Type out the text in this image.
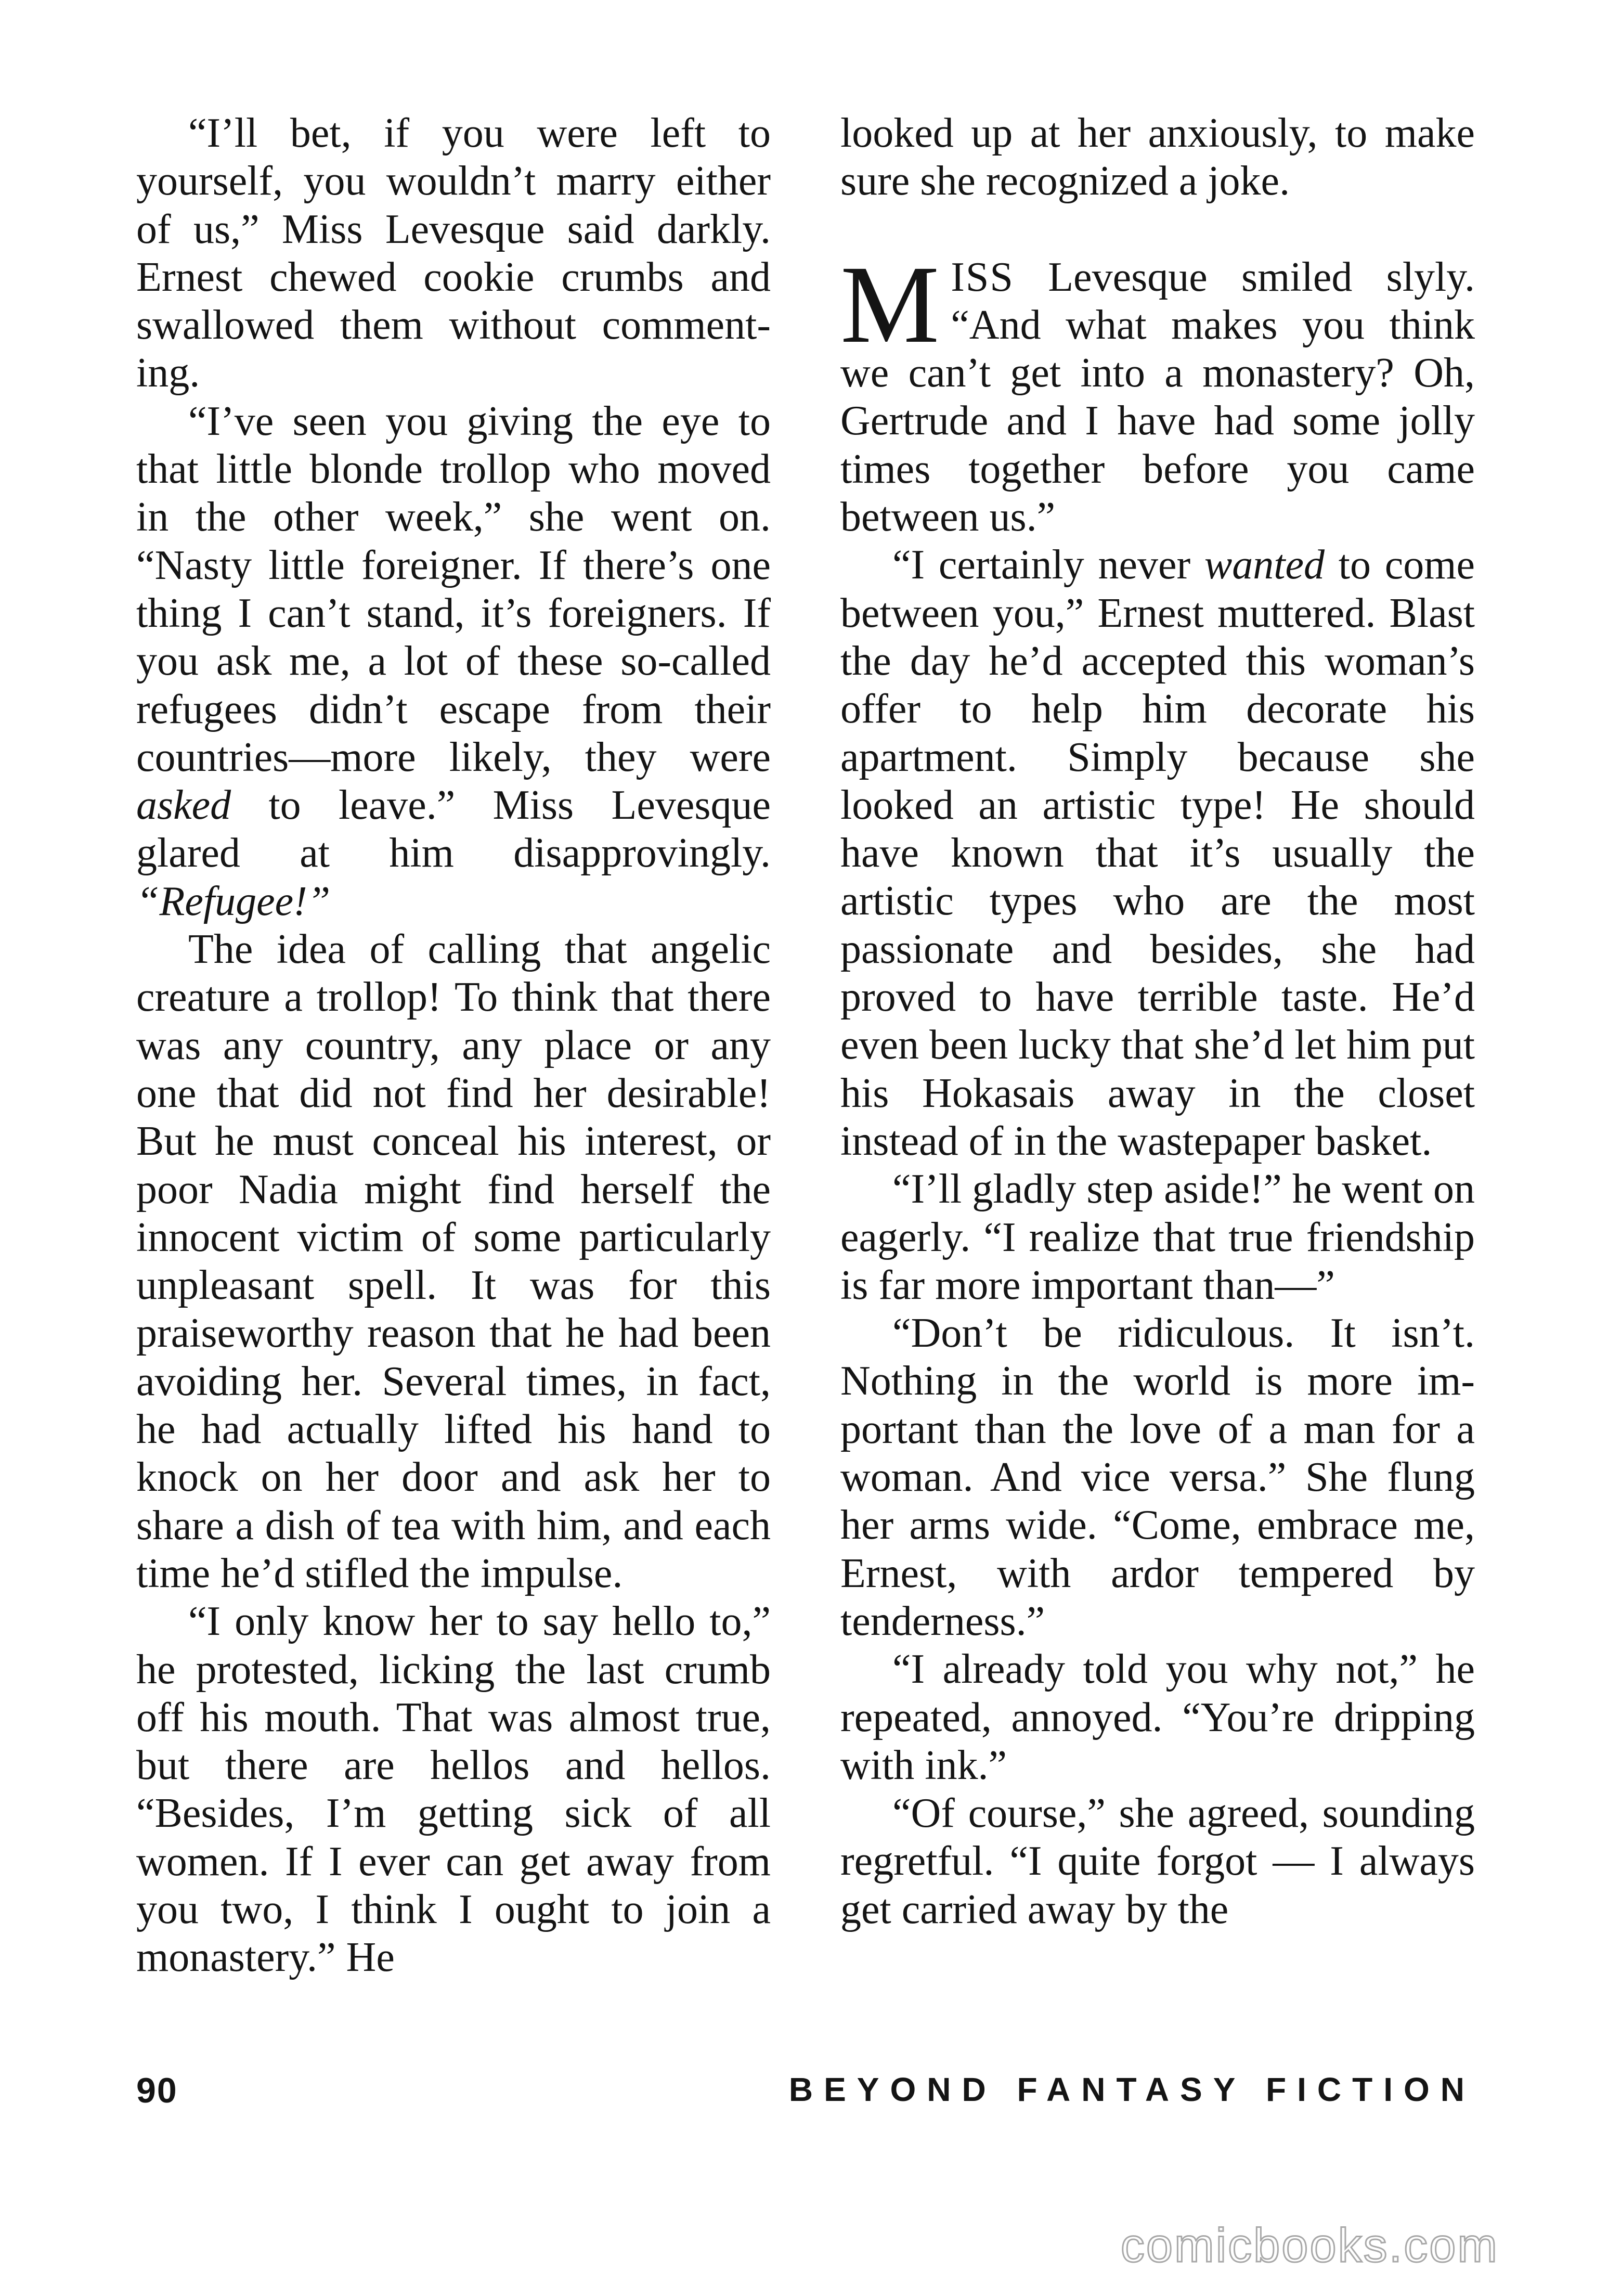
“I’ll bet, if you were left to yourself, you wouldn’t marry either of us,” Miss Levesque said darkly. Ernest chewed cookie crumbs and swallowed them without commenting.

“I’ve seen you giving the eye to that little blonde trollop who moved in the other week,” she went on. “Nasty little foreigner. If there’s one thing I can’t stand, it’s foreigners. If you ask me, a lot of these so-called refugees didn’t escape from their countries—more likely, they were asked to leave.” Miss Levesque glared at him disapprovingly. “Refugee!”

The idea of calling that angelic creature a trollop! To think that there was any country, any place or any one that did not find her desirable! But he must conceal his interest, or poor Nadia might find herself the innocent victim of some particularly unpleasant spell. It was for this praiseworthy reason that he had been avoiding her. Several times, in fact, he had actually lifted his hand to knock on her door and ask her to share a dish of tea with him, and each time he’d stifled the impulse.

“I only know her to say hello to,” he protested, licking the last crumb off his mouth. That was almost true, but there are hellos and hellos. “Besides, I’m getting sick of all women. If I ever can get away from you two, I think I ought to join a monastery.” He

looked up at her anxiously, to make sure she recognized a joke.

MISS Levesque smiled slyly. “And what makes you think we can’t get into a monastery? Oh, Gertrude and I have had some jolly times together before you came between us.”

“I certainly never wanted to come between you,” Ernest muttered. Blast the day he’d accepted this woman’s offer to help him decorate his apartment. Simply because she looked an artistic type! He should have known that it’s usually the artistic types who are the most passionate and besides, she had proved to have terrible taste. He’d even been lucky that she’d let him put his Hokasais away in the closet instead of in the wastepaper basket.

“I’ll gladly step aside!” he went on eagerly. “I realize that true friendship is far more important than—”

“Don’t be ridiculous. It isn’t. Nothing in the world is more important than the love of a man for a woman. And vice versa.” She flung her arms wide. “Come, embrace me, Ernest, with ardor tempered by tenderness.”

“I already told you why not,” he repeated, annoyed. “You’re dripping with ink.”

“Of course,” she agreed, sounding regretful. “I quite forgot — I always get carried away by the

90	BEYOND FANTASY FICTION
comicbooks.com
